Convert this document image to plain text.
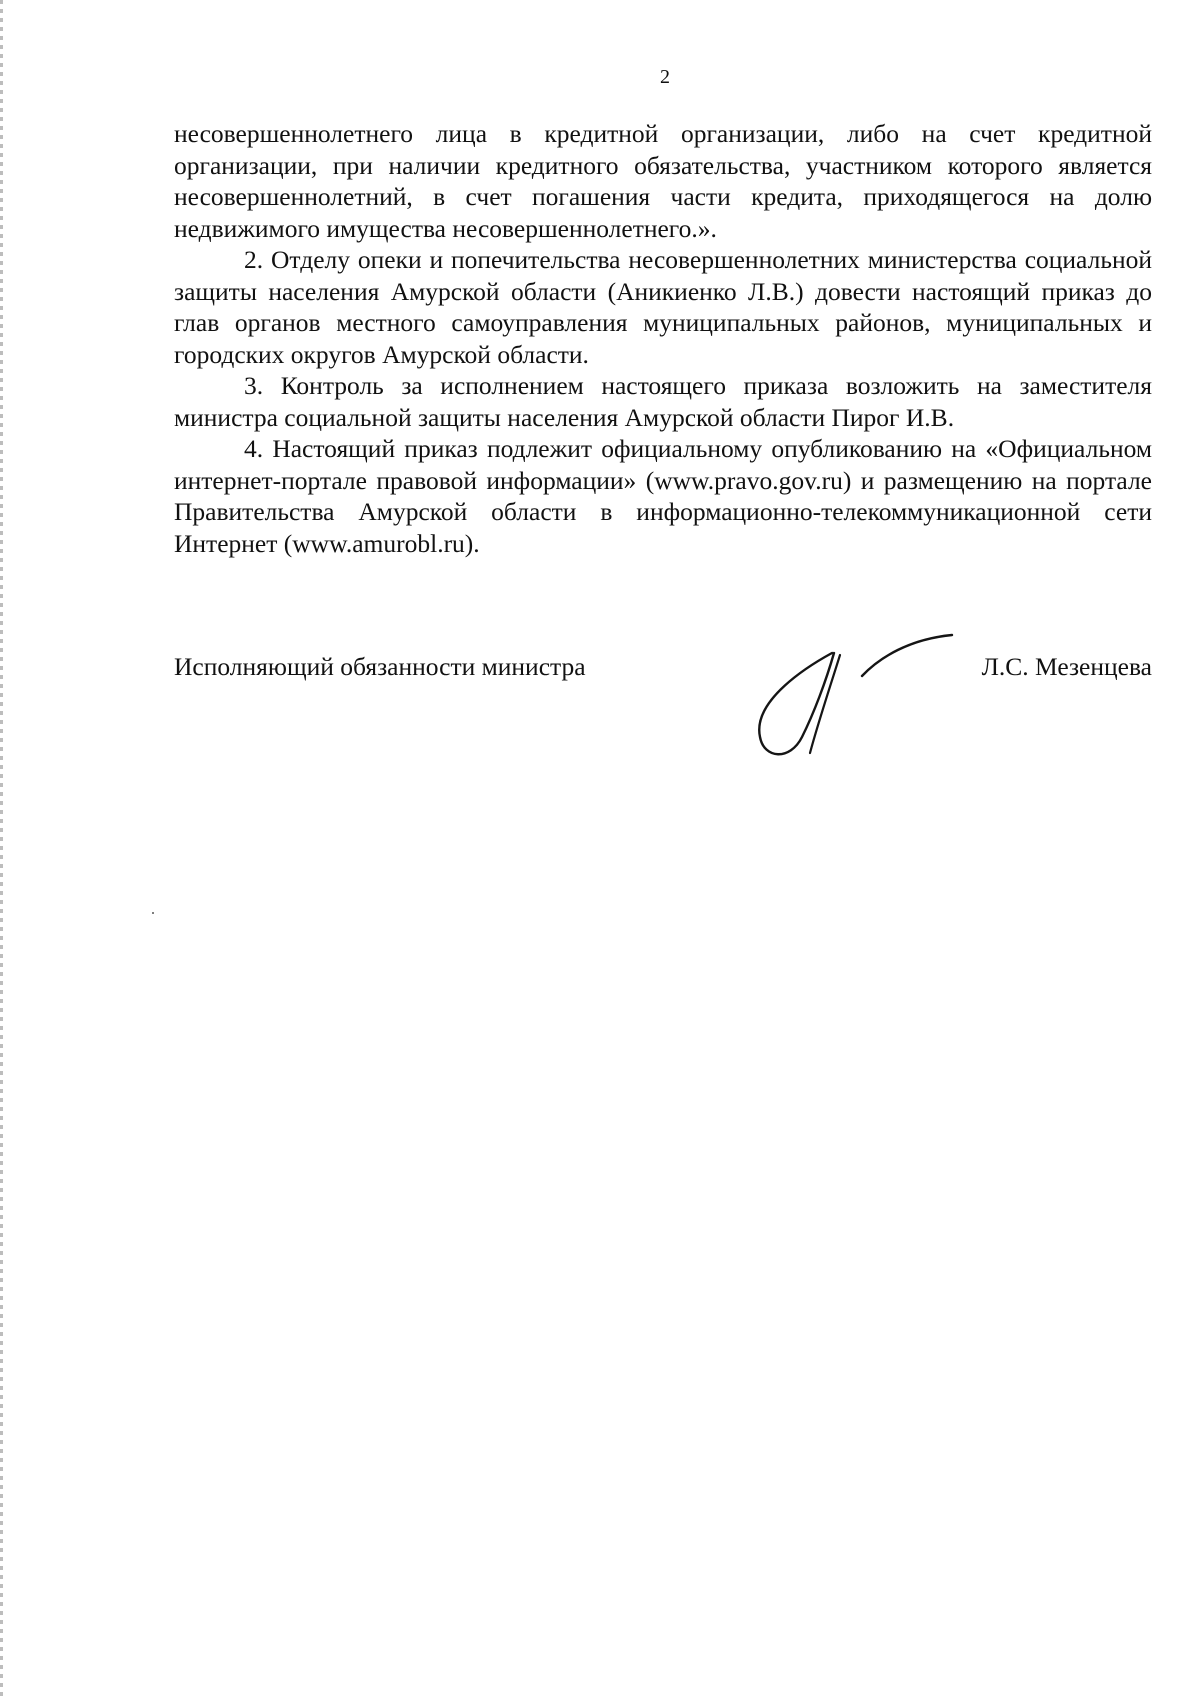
2

несовершеннолетнего лица в кредитной организации, либо на счет кредитной организации, при наличии кредитного обязательства, участником которого является несовершеннолетний, в счет погашения части кредита, приходящегося на долю недвижимого имущества несовершеннолетнего.».

2. Отделу опеки и попечительства несовершеннолетних министерства социальной защиты населения Амурской области (Аникиенко Л.В.) довести настоящий приказ до глав органов местного самоуправления муниципальных районов, муниципальных и городских округов Амурской области.

3. Контроль за исполнением настоящего приказа возложить на заместителя министра социальной защиты населения Амурской области Пирог И.В.

4. Настоящий приказ подлежит официальному опубликованию на «Официальном интернет-портале правовой информации» (www.pravo.gov.ru) и размещению на портале Правительства Амурской области в информационно-телекоммуникационной сети Интернет (www.amurobl.ru).

Исполняющий обязанности министра	Л.С. Мезенцева
